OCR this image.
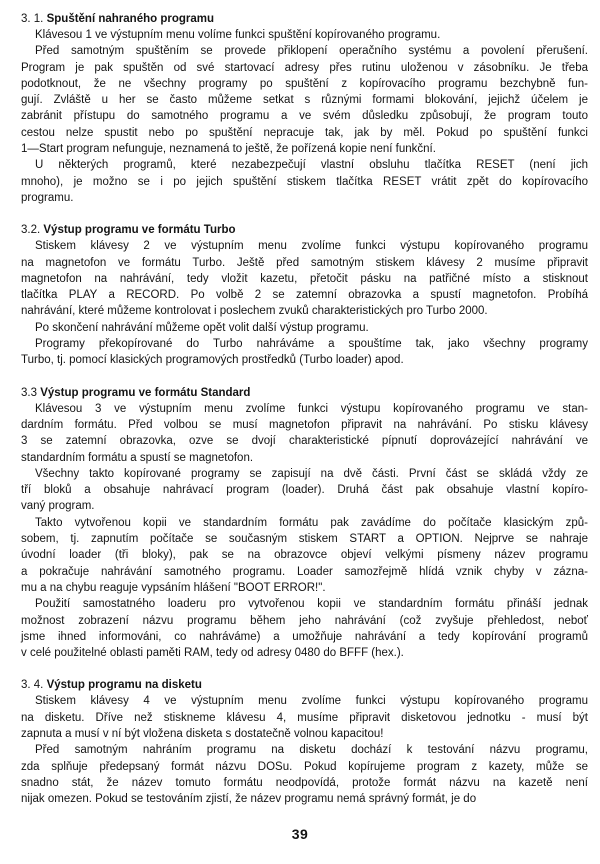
3. 1. Spuštění nahraného programu

Klávesou 1 ve výstupním menu volíme funkci spuštění kopírovaného programu.

Před samotným spuštěním se provede přiklopení operačního systému a povolení přerušení.
Program je pak spuštěn od své startovací adresy přes rutinu uloženou v zásobníku. Je třeba
podotknout, že ne všechny programy po spuštění z kopírovacího programu bezchybně fun-
gují. Zvláště u her se často můžeme setkat s různými formami blokování, jejichž účelem je
zabránit přístupu do samotného programu a ve svém důsledku způsobují, že program touto
cestou nelze spustit nebo po spuštění nepracuje tak, jak by měl. Pokud po spuštění funkci
1—Start program nefunguje, neznamená to ještě, že pořízená kopie není funkční.

U některých programů, které nezabezpečují vlastní obsluhu tlačítka RESET (není jich
mnoho), je možno se i po jejich spuštění stiskem tlačítka RESET vrátit zpět do kopírovacího
programu.

3.2. Výstup programu ve formátu Turbo

Stiskem klávesy 2 ve výstupním menu zvolíme funkci výstupu kopírovaného programu
na magnetofon ve formátu Turbo. Ještě před samotným stiskem klávesy 2 musíme připravit
magnetofon na nahrávání, tedy vložit kazetu, přetočit pásku na patřičné místo a stisknout
tlačítka PLAY a RECORD. Po volbě 2 se zatemní obrazovka a spustí magnetofon. Probíhá
nahrávání, které můžeme kontrolovat i poslechem zvuků charakteristických pro Turbo 2000.

Po skončení nahrávání můžeme opět volit další výstup programu.

Programy překopírované do Turbo nahráváme a spouštíme tak, jako všechny programy
Turbo, tj. pomocí klasických programových prostředků (Turbo loader) apod.

3.3 Výstup programu ve formátu Standard

Klávesou 3 ve výstupním menu zvolíme funkci výstupu kopírovaného programu ve stan-
dardním formátu. Před volbou se musí magnetofon připravit na nahrávání. Po stisku klávesy
3 se zatemní obrazovka, ozve se dvojí charakteristické pípnutí doprovázející nahrávání ve
standardním formátu a spustí se magnetofon.

Všechny takto kopírované programy se zapisují na dvě části. První část se skládá vždy ze
tří bloků a obsahuje nahrávací program (loader). Druhá část pak obsahuje vlastní kopíro-
vaný program.

Takto vytvořenou kopii ve standardním formátu pak zavádíme do počítače klasickým způ-
sobem, tj. zapnutím počítače se současným stiskem START a OPTION. Nejprve se nahraje
úvodní loader (tři bloky), pak se na obrazovce objeví velkými písmeny název programu
a pokračuje nahrávání samotného programu. Loader samozřejmě hlídá vznik chyby v zázna-
mu a na chybu reaguje vypsáním hlášení "BOOT ERROR!".

Použití samostatného loaderu pro vytvořenou kopii ve standardním formátu přináší jednak
možnost zobrazení názvu programu během jeho nahrávání (což zvyšuje přehledost, neboť
jsme ihned informováni, co nahráváme) a umožňuje nahrávání a tedy kopírování programů
v celé použitelné oblasti paměti RAM, tedy od adresy 0480 do BFFF (hex.).

3. 4. Výstup programu na disketu

Stiskem klávesy 4 ve výstupním menu zvolíme funkci výstupu kopírovaného programu
na disketu. Dříve než stiskneme klávesu 4, musíme připravit disketovou jednotku - musí být
zapnuta a musí v ní být vložena disketa s dostatečně volnou kapacitou!

Před samotným nahráním programu na disketu dochází k testování názvu programu,
zda splňuje předepsaný formát názvu DOSu. Pokud kopírujeme program z kazety, může se
snadno stát, že název tomuto formátu neodpovídá, protože formát názvu na kazetě není
nijak omezen. Pokud se testováním zjistí, že název programu nemá správný formát, je do

39
